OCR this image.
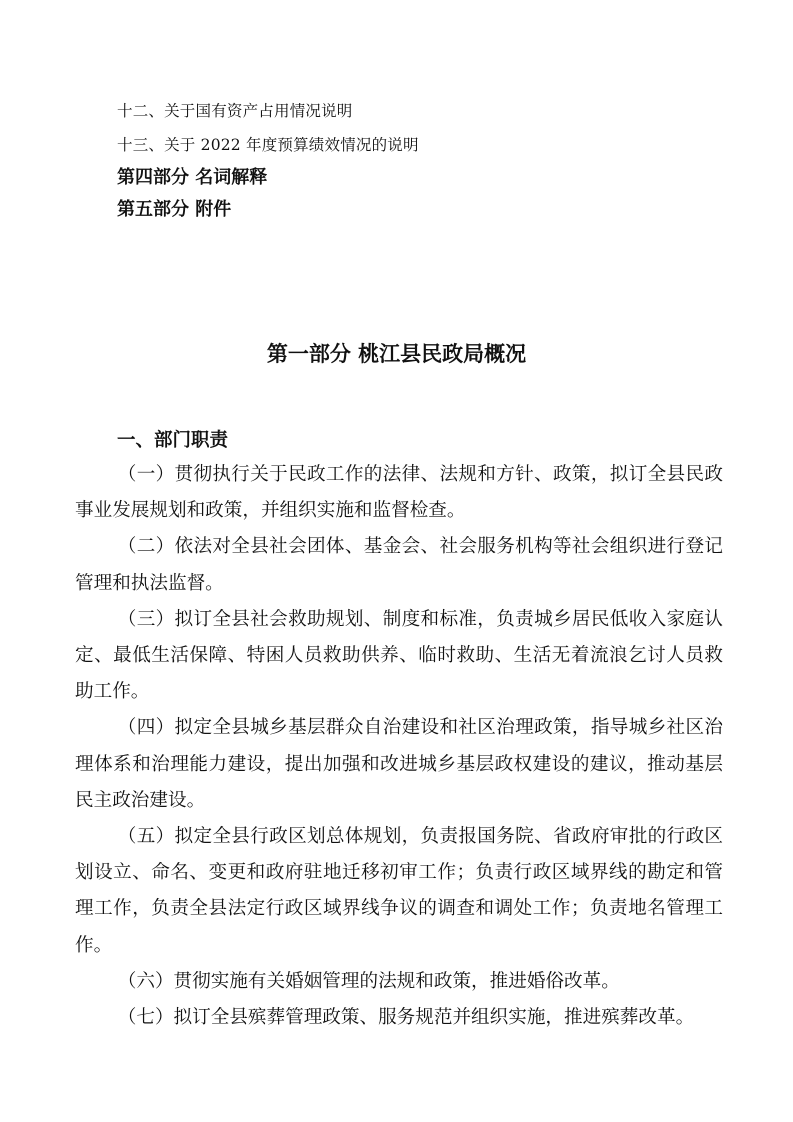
十二、关于国有资产占用情况说明
十三、关于 2022 年度预算绩效情况的说明
第四部分 名词解释
第五部分 附件
第一部分 桃江县民政局概况
一、部门职责

（一）贯彻执行关于民政工作的法律、法规和方针、政策，拟订全县民政事业发展规划和政策，并组织实施和监督检查。

（二）依法对全县社会团体、基金会、社会服务机构等社会组织进行登记管理和执法监督。

（三）拟订全县社会救助规划、制度和标准，负责城乡居民低收入家庭认定、最低生活保障、特困人员救助供养、临时救助、生活无着流浪乞讨人员救助工作。

（四）拟定全县城乡基层群众自治建设和社区治理政策，指导城乡社区治理体系和治理能力建设，提出加强和改进城乡基层政权建设的建议，推动基层民主政治建设。

（五）拟定全县行政区划总体规划，负责报国务院、省政府审批的行政区划设立、命名、变更和政府驻地迁移初审工作；负责行政区域界线的勘定和管理工作，负责全县法定行政区域界线争议的调查和调处工作；负责地名管理工作。

（六）贯彻实施有关婚姻管理的法规和政策，推进婚俗改革。

（七）拟订全县殡葬管理政策、服务规范并组织实施，推进殡葬改革。
